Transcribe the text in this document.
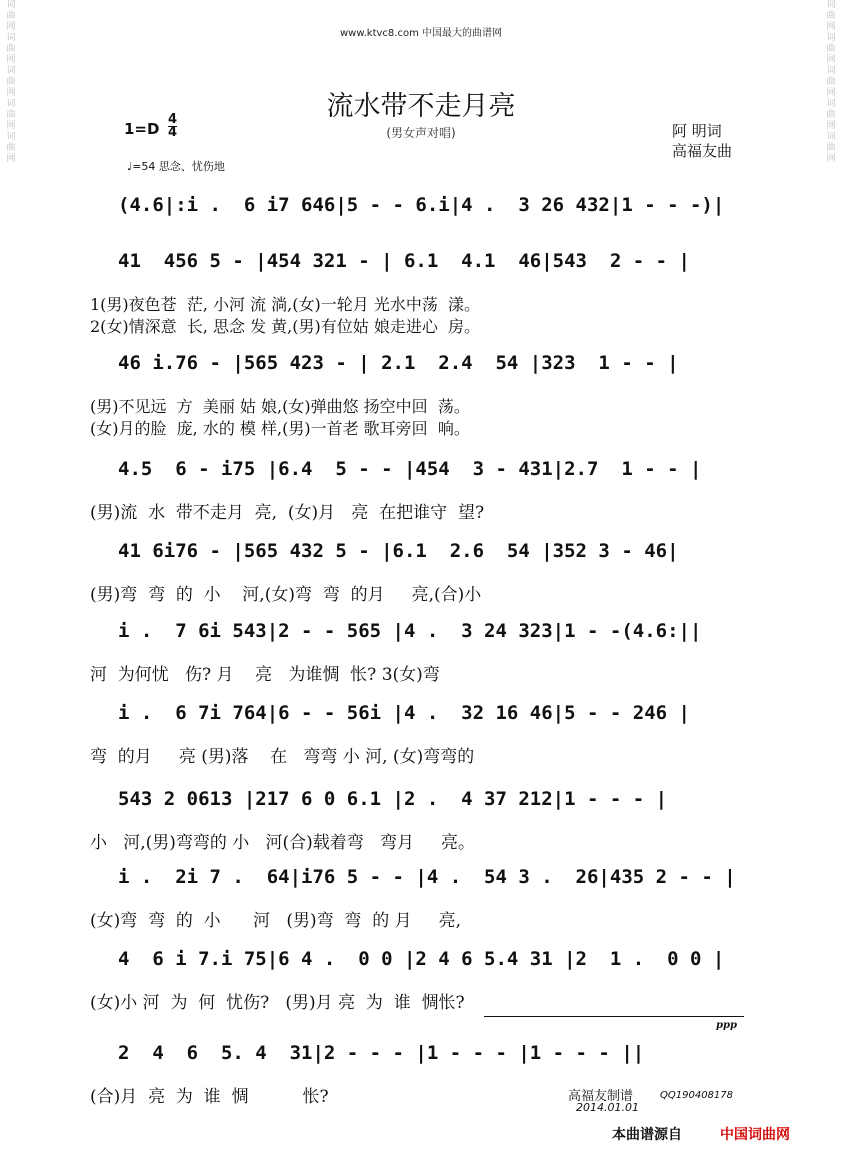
词曲网词曲网词曲网词曲网词曲网
词曲网词曲网词曲网词曲网词曲网
www.ktvc8.com 中国最大的曲谱网
流水带不走月亮
(男女声对唱)
1=D
4
4
♩=54 思念、忧伤地
阿 明词
高福友曲
(4.6|:i .  6 i7 646|5 - - 6.i|4 .  3 26 432|1 - - -)|
41  456 5 - |454 321 - | 6.1  4.1  46|543  2 - - |
1(男)夜色苍  茫, 小河 流 淌,(女)一轮月 光水中荡  漾。
2(女)情深意  长, 思念 发 黄,(男)有位姑 娘走进心  房。
46 i.76 - |565 423 - | 2.1  2.4  54 |323  1 - - |
(男)不见远  方  美丽 姑 娘,(女)弹曲悠 扬空中回  荡。
(女)月的脸  庞, 水的 模 样,(男)一首老 歌耳旁回  响。
4.5  6 - i75 |6.4  5 - - |454  3 - 431|2.7  1 - - |
(男)流  水  带不走月  亮,  (女)月   亮  在把谁守  望?
41 6i76 - |565 432 5 - |6.1  2.6  54 |352 3 - 46|
(男)弯  弯  的  小    河,(女)弯  弯  的月     亮,(合)小
i .  7 6i 543|2 - - 565 |4 .  3 24 323|1 - -(4.6:||
河  为何忧   伤? 月    亮   为谁惆  怅? 3(女)弯
i .  6 7i 764|6 - - 56i |4 .  32 16 46|5 - - 246 |
弯  的月     亮 (男)落    在   弯弯 小 河, (女)弯弯的
543 2 0613 |217 6 0 6.1 |2 .  4 37 212|1 - - - |
小   河,(男)弯弯的 小   河(合)载着弯   弯月     亮。
i .  2i 7 .  64|i76 5 - - |4 .  54 3 .  26|435 2 - - |
(女)弯  弯  的  小      河   (男)弯  弯  的 月     亮,
4  6 i 7.i 75|6 4 .  0 0 |2 4 6 5.4 31 |2  1 .  0 0 |
(女)小 河  为  何  忧伤?   (男)月 亮  为  谁  惆怅?
2  4  6  5. 4  31|2 - - - |1 - - - |1 - - - ||
(合)月  亮  为  谁  惆          怅?
ppp
高福友制谱	QQ190408178
2014.01.01
本曲谱源自	中国词曲网
